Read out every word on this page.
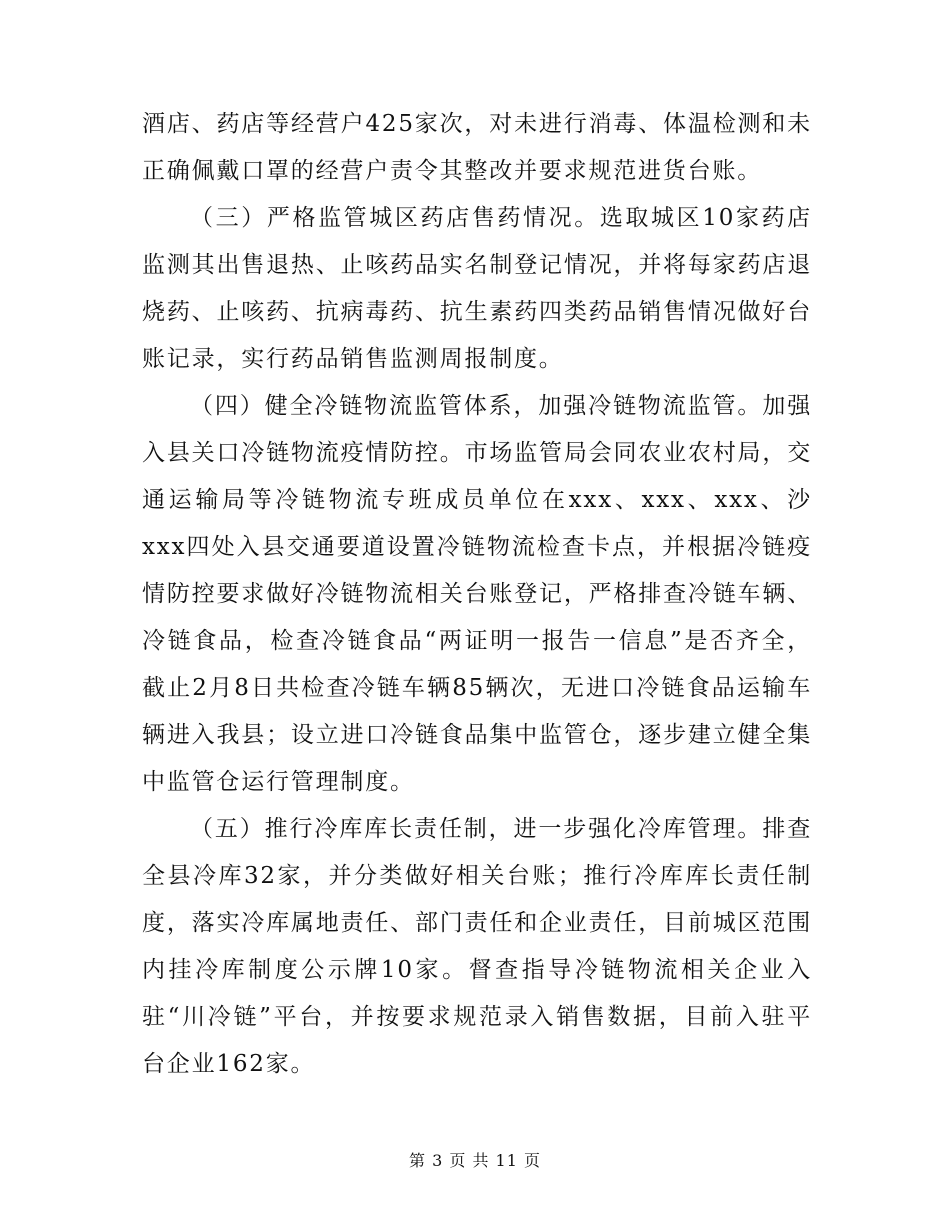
酒店、药店等经营户425家次，对未进行消毒、体温检测和未正确佩戴口罩的经营户责令其整改并要求规范进货台账。

（三）严格监管城区药店售药情况。选取城区10家药店监测其出售退热、止咳药品实名制登记情况，并将每家药店退烧药、止咳药、抗病毒药、抗生素药四类药品销售情况做好台账记录，实行药品销售监测周报制度。

（四）健全冷链物流监管体系，加强冷链物流监管。加强入县关口冷链物流疫情防控。市场监管局会同农业农村局，交通运输局等冷链物流专班成员单位在xxx、xxx、xxx、沙xxx四处入县交通要道设置冷链物流检查卡点，并根据冷链疫情防控要求做好冷链物流相关台账登记，严格排查冷链车辆、冷链食品，检查冷链食品“两证明一报告一信息”是否齐全，截止2月8日共检查冷链车辆85辆次，无进口冷链食品运输车辆进入我县；设立进口冷链食品集中监管仓，逐步建立健全集中监管仓运行管理制度。

（五）推行冷库库长责任制，进一步强化冷库管理。排查全县冷库32家，并分类做好相关台账；推行冷库库长责任制度，落实冷库属地责任、部门责任和企业责任，目前城区范围内挂冷库制度公示牌10家。督查指导冷链物流相关企业入驻“川冷链”平台，并按要求规范录入销售数据，目前入驻平台企业162家。

第 3 页 共 11 页
